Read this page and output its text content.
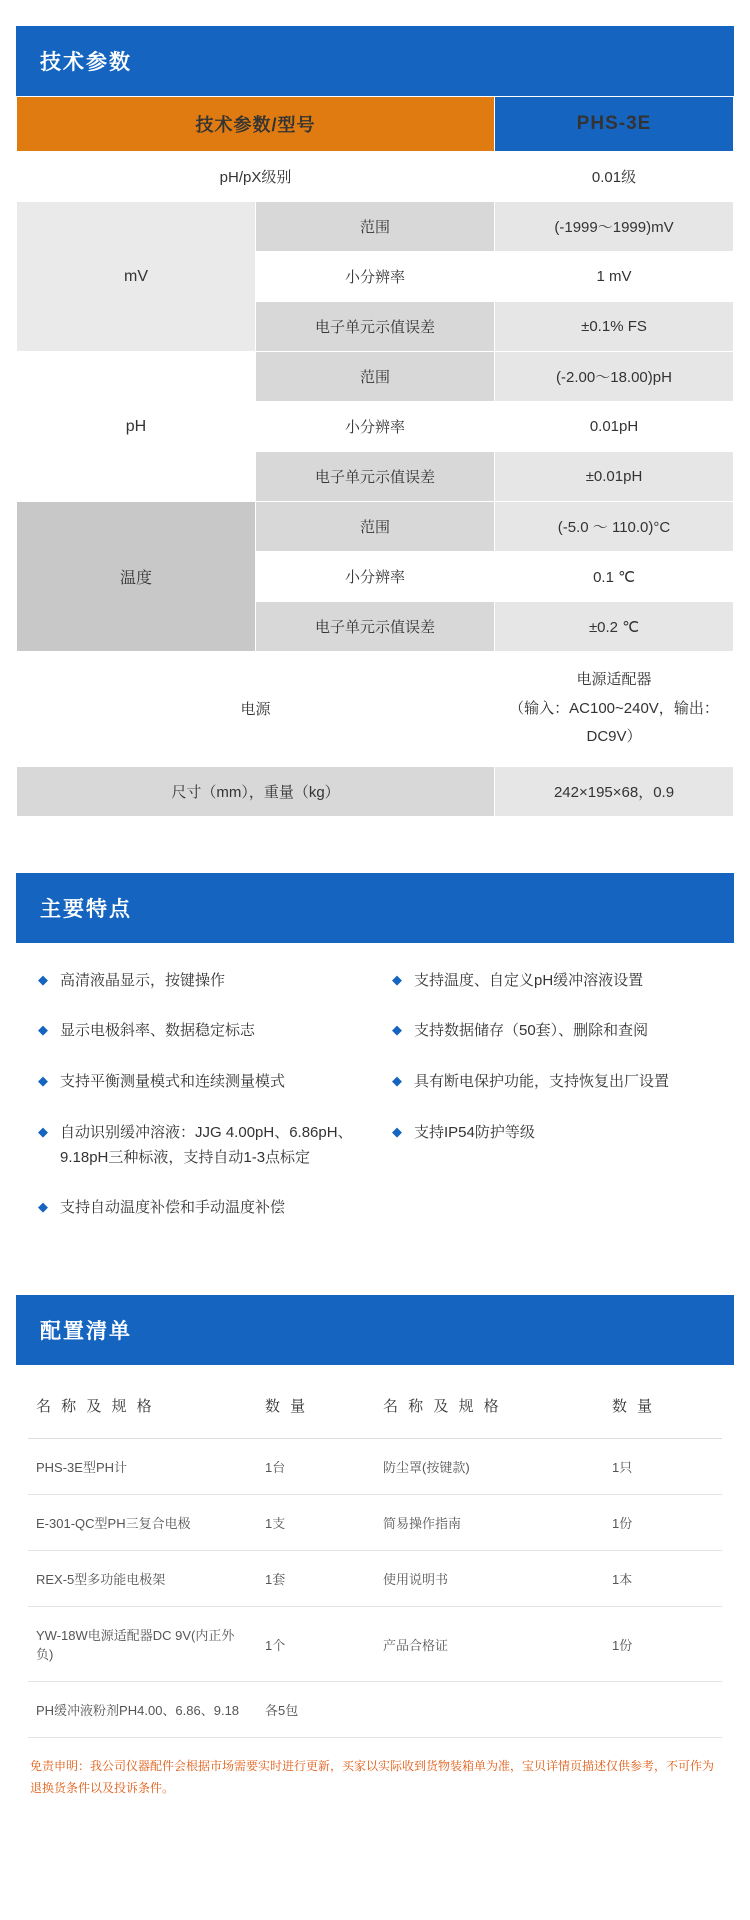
技术参数
技术参数/型号		PHS-3E
pH/pX级别		0.01级
mV	范围	(-1999～1999)mV
	小分辨率	1 mV
	电子单元示值误差	±0.1% FS
pH	范围	(-2.00～18.00)pH
	小分辨率	0.01pH
	电子单元示值误差	±0.01pH
温度	范围	(-5.0 ～ 110.0)°C
	小分辨率	0.1 ℃
	电子单元示值误差	±0.2 ℃
电源		电源适配器
（输入：AC100~240V，输出：DC9V）

尺寸（mm），重量（kg）		242×195×68，0.9
主要特点
◆ 高清液晶显示，按键操作
◆ 显示电极斜率、数据稳定标志
◆ 支持平衡测量模式和连续测量模式
◆ 自动识别缓冲溶液：JJG 4.00pH、6.86pH、9.18pH三种标液，支持自动1-3点标定
◆ 支持自动温度补偿和手动温度补偿
◆ 支持温度、自定义pH缓冲溶液设置
◆ 支持数据储存（50套）、删除和查阅
◆ 具有断电保护功能，支持恢复出厂设置
◆ 支持IP54防护等级
配置清单
名 称 及 规 格	数 量	名 称 及 规 格	数 量
PHS-3E型PH计	1台	防尘罩(按键款)	1只
E-301-QC型PH三复合电极	1支	简易操作指南	1份
REX-5型多功能电极架	1套	使用说明书	1本
YW-18W电源适配器DC 9V(内正外负)	1个	产品合格证	1份
PH缓冲液粉剂PH4.00、6.86、9.18	各5包		
免责申明：我公司仪器配件会根据市场需要实时进行更新，买家以实际收到货物装箱单为准，宝贝详情页描述仅供参考，不可作为退换货条件以及投诉条件。
